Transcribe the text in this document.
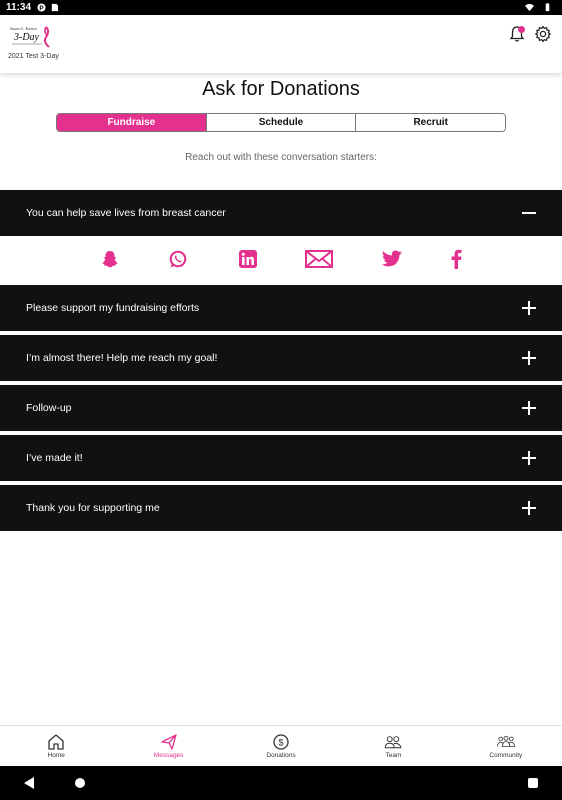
11:34 P
Susan G. Komen
3-Day
2021 Test 3-Day
Ask for Donations
Fundraise	Schedule	Recruit
Reach out with these conversation starters:
You can help save lives from breast cancer
Please support my fundraising efforts
I’m almost there! Help me reach my goal!
Follow-up
I’ve made it!
Thank you for supporting me
Home	Messages
$
Donations	Team	Community
